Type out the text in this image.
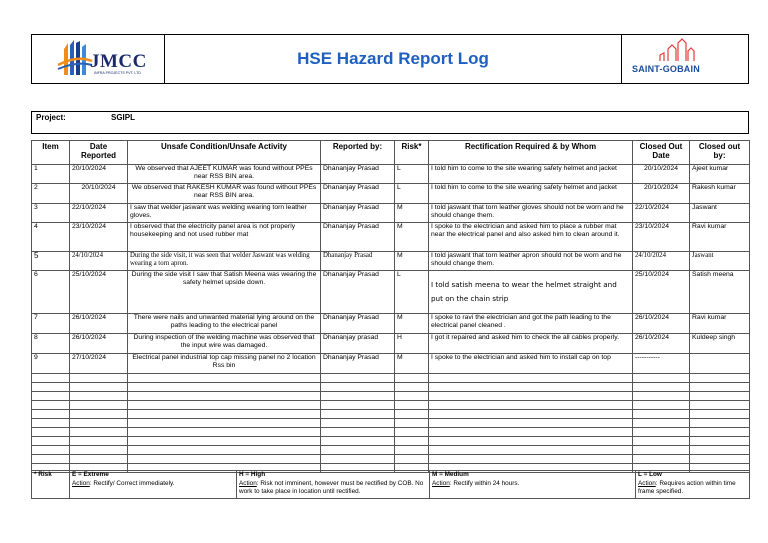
JMCC
INFRA PROJECTS PVT. LTD
HSE Hazard Report Log
SAINT-GOBAIN
Project:	SGIPL
Item	Date Reported	Unsafe Condition/Unsafe Activity	Reported by:	Risk*	Rectification Required & by Whom	Closed Out Date	Closed out by:
1	20/10/2024	We observed that AJEET KUMAR was found without PPEs near RSS BIN area.	Dhananjay Prasad	L	I told him to come to the site wearing safety helmet and jacket	20/10/2024	Ajeet kumar
2	20/10/2024	We observed that RAKESH KUMAR was found without PPEs near RSS BIN area.	Dhananjay Prasad	L	I told him to come to the site wearing safety helmet and jacket	20/10/2024	Rakesh kumar
3	22/10/2024	I saw that welder jaswant was welding wearing torn leather gloves.	Dhananjay Prasad	M	I told jaswant that torn leather gloves should not be worn and he should change them.	22/10/2024	Jaswant
4	23/10/2024	I observed that the electricity panel area is not properly housekeeping and not used rubber mat	Dhananjay Prasad	M	I spoke to the electrician and asked him to place a rubber mat near the electrical panel and also asked him to clean around it.	23/10/2024	Ravi kumar
5	24/10/2024	During the side visit, it was seen that welder Jaswant was welding wearing a torn apron.	Dhananjay Prasad	M	I told jaswant that torn leather apron should not be worn and he should change them.	24/10/2024	Jaswant
6	25/10/2024	During the side visit I saw that Satish Meena was wearing the safety helmet upside down.	Dhananjay Prasad	L	I told satish meena to wear the helmet straight and put on the chain strip	25/10/2024	Satish meena
7	26/10/2024	There were nails and unwanted material lying around on the paths leading to the electrical panel	Dhananjay Prasad	M	I spoke to ravi the electrician and got the path leading to the electrical panel cleaned .	26/10/2024	Ravi kumar
8	26/10/2024	During inspection of the welding machine was observed that the input wire was damaged.	Dhananjay prasad	H	I got it repaired and asked him to check the all cables properly.	26/10/2024	Kuldeep singh
9	27/10/2024	Electrical panel industrial top cap missing panel no 2 location Rss bin	Dhananjay Prasad	M	I spoke to the electrician and asked him to install cap on top	-----------	

* Risk	E = Extreme
Action: Rectify/ Correct immediately.	
H = High
Action: Risk not imminent, however must be rectified by COB. No work to take place in location until rectified.	
M = Medium
Action: Rectify within 24 hours.	
L = Low
Action: Requires action within time frame specified.
